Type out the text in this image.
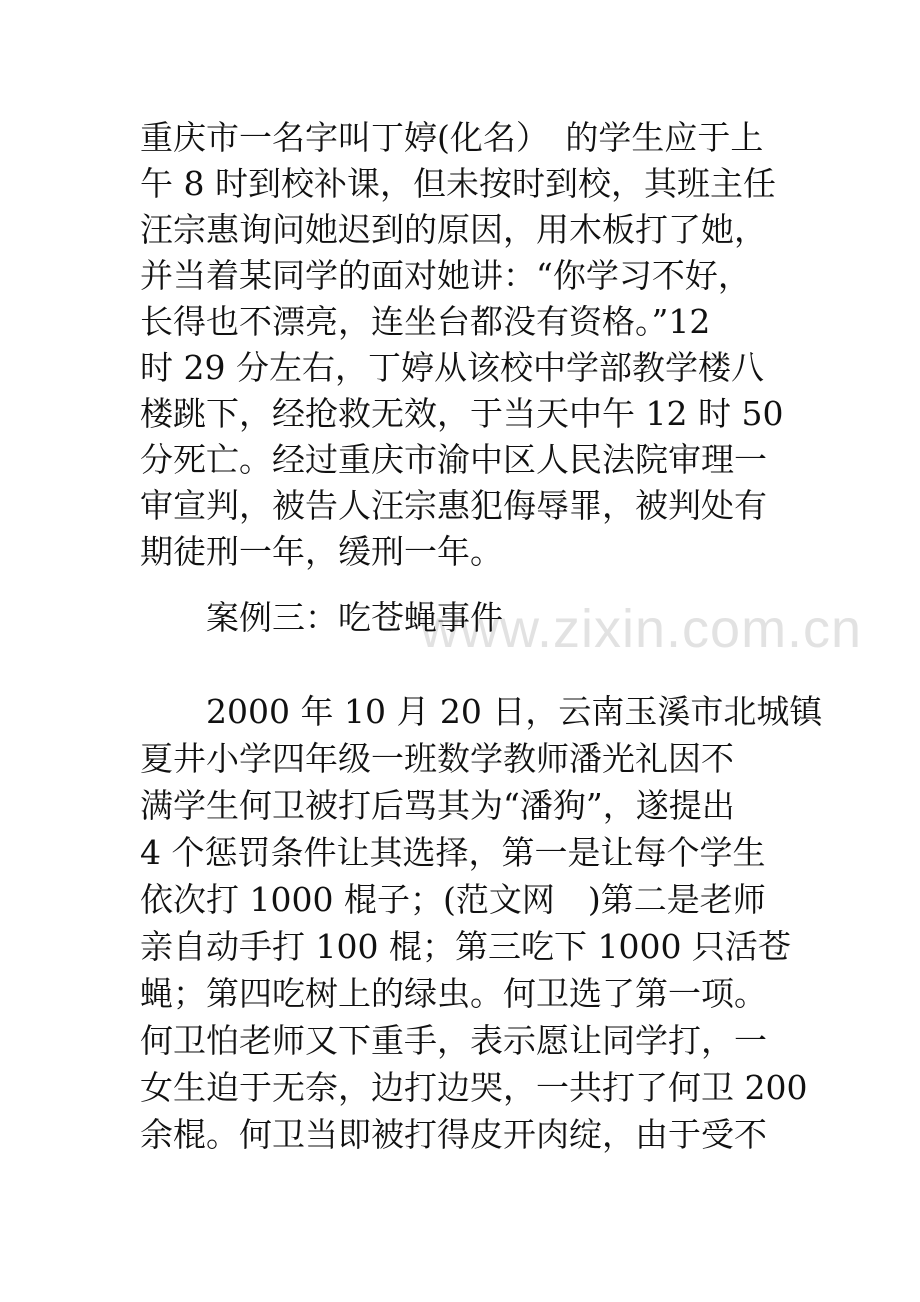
www.zixin.com.cn
重庆市一名字叫丁婷(化名）　的学生应于上
午 8 时到校补课，但未按时到校，其班主任
汪宗惠询问她迟到的原因，用木板打了她，
并当着某同学的面对她讲：“你学习不好，
长得也不漂亮，连坐台都没有资格。”12
时 29 分左右，丁婷从该校中学部教学楼八
楼跳下，经抢救无效，于当天中午 12 时 50
分死亡。经过重庆市渝中区人民法院审理一
审宣判，被告人汪宗惠犯侮辱罪，被判处有
期徒刑一年，缓刑一年。
案例三：吃苍蝇事件
2000 年 10 月 20 日，云南玉溪市北城镇
夏井小学四年级一班数学教师潘光礼因不
满学生何卫被打后骂其为“潘狗”，遂提出
4 个惩罚条件让其选择，第一是让每个学生
依次打 1000 棍子；(范文网　)第二是老师
亲自动手打 100 棍；第三吃下 1000 只活苍
蝇；第四吃树上的绿虫。何卫选了第一项。
何卫怕老师又下重手，表示愿让同学打，一
女生迫于无奈，边打边哭，一共打了何卫 200
余棍。何卫当即被打得皮开肉绽，由于受不
